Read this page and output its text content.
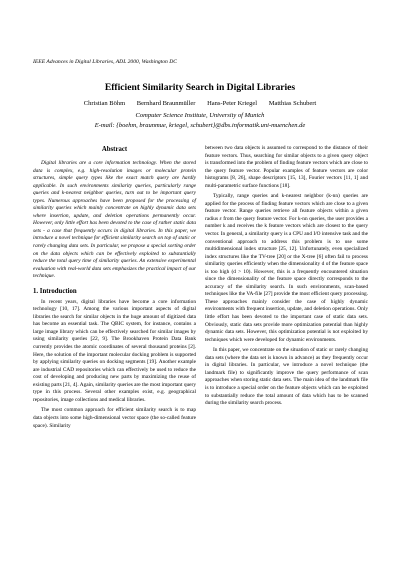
IEEE Advances in Digital Libraries, ADL 2000, Washington DC
Efficient Similarity Search in Digital Libraries
Christian Böhm Bernhard Braunmüller Hans-Peter Kriegel Matthias Schubert
Computer Science Institute, University of Munich
E-mail: {boehm, braunmue, kriegel, schubert}@dbs.informatik.uni-muenchen.de
Abstract

Digital libraries are a core information technology. When the stored data is complex, e.g. high-resolution images or molecular protein structures, simple query types like the exact match query are hardly applicable. In such environments similarity queries, particularly range queries and k-nearest neighbor queries, turn out to be important query types. Numerous approaches have been proposed for the processing of similarity queries which mainly concentrate on highly dynamic data sets where insertion, update, and deletion operations permanently occur. However, only little effort has been devoted to the case of rather static data sets - a case that frequently occurs in digital libraries. In this paper, we introduce a novel technique for efficient similarity search on top of static or rarely changing data sets. In particular, we propose a special sorting order on the data objects which can be effectively exploited to substantially reduce the total query time of similarity queries. An extensive experimental evaluation with real-world data sets emphasizes the practical impact of our technique.

1. Introduction

In recent years, digital libraries have become a core information technology [10, 17]. Among the various important aspects of digital libraries the search for similar objects in the huge amount of digitized data has become an essential task. The QBIC system, for instance, contains a large image library which can be effectively searched for similar images by using similarity queries [22, 9]. The Brookhaven Protein Data Bank currently provides the atomic coordinates of several thousand proteins [2]. Here, the solution of the important molecular docking problem is supported by applying similarity queries on docking segments [19]. Another example are industrial CAD repositories which can effectively be used to reduce the cost of developing and producing new parts by maximizing the reuse of existing parts [21, 4]. Again, similarity queries are the most important query type in this process. Several other examples exist, e.g. geographical repositories, image collections and medical libraries.

The most common approach for efficient similarity search is to map data objects into some high-dimensional vector space (the so-called feature space). Similarity

between two data objects is assumed to correspond to the distance of their feature vectors. Thus, searching for similar objects to a given query object is transformed into the problem of finding feature vectors which are close to the query feature vector. Popular examples of feature vectors are color histograms [8, 26], shape descriptors [15, 13], Fourier vectors [11, 1] and multi-parametric surface functions [18].

Typically, range queries and k-nearest neighbor (k-nn) queries are applied for the process of finding feature vectors which are close to a given feature vector. Range queries retrieve all feature objects within a given radius ε from the query feature vector. For k-nn queries, the user provides a number k and receives the k feature vectors which are closest to the query vector. In general, a similarity query is a CPU and I/O intensive task and the conventional approach to address this problem is to use some multidimensional index structure [25, 12]. Unfortunately, even specialized index structures like the TV-tree [20] or the X-tree [6] often fail to process similarity queries efficiently when the dimensionality d of the feature space is too high (d > 10). However, this is a frequently encountered situation since the dimensionality of the feature space directly corresponds to the accuracy of the similarity search. In such environments, scan-based techniques like the VA-file [27] provide the most efficient query processing. These approaches mainly consider the case of highly dynamic environments with frequent insertion, update, and deletion operations. Only little effort has been devoted to the important case of static data sets. Obviously, static data sets provide more optimization potential than highly dynamic data sets. However, this optimization potential is not exploited by techniques which were developed for dynamic environments.

In this paper, we concentrate on the situation of static or rarely changing data sets (where the data set is known in advance) as they frequently occur in digital libraries. In particular, we introduce a novel technique (the landmark file) to significantly improve the query performance of scan approaches when storing static data sets. The main idea of the landmark file is to introduce a special order on the feature objects which can be exploited to substantially reduce the total amount of data which has to be scanned during the similarity search process.
